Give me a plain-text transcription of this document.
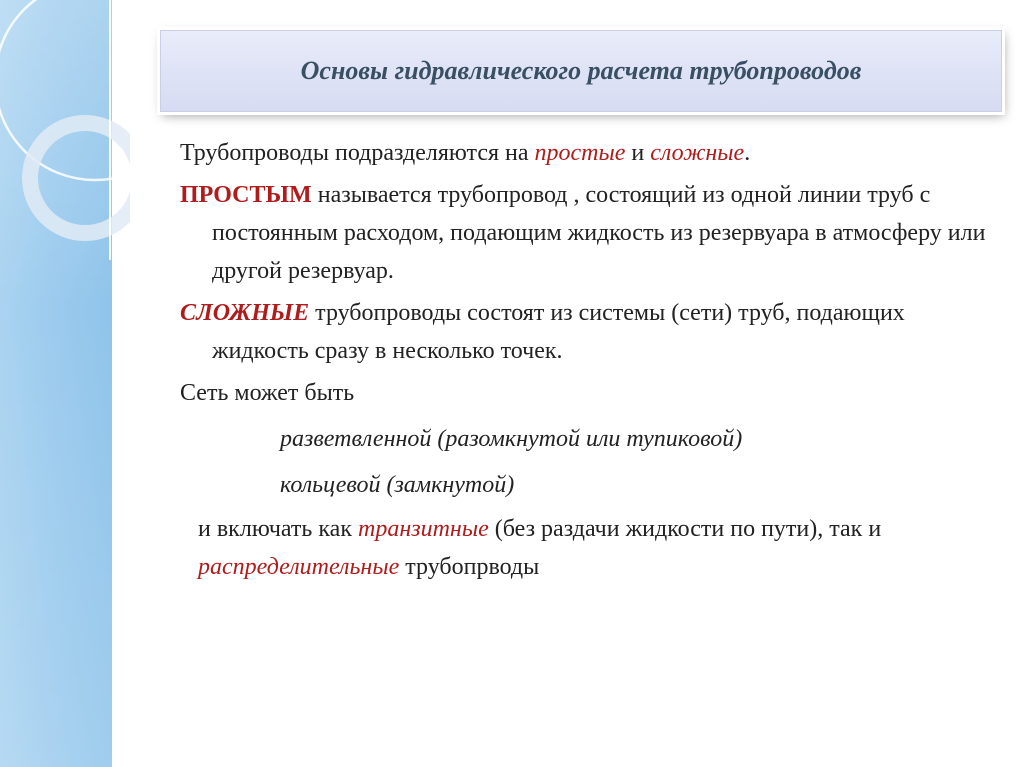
Основы гидравлического расчета трубопроводов

Трубопроводы подразделяются на простые и сложные.

ПРОСТЫМ называется трубопровод , состоящий из одной линии труб с постоянным расходом, подающим жидкость из резервуара в атмосферу или другой резервуар.

СЛОЖНЫЕ трубопроводы состоят из системы (сети) труб, подающих жидкость сразу в несколько точек.

Сеть может быть

разветвленной (разомкнутой или тупиковой)

кольцевой (замкнутой)

и включать как транзитные (без раздачи жидкости по пути), так и распределительные трубопрводы
